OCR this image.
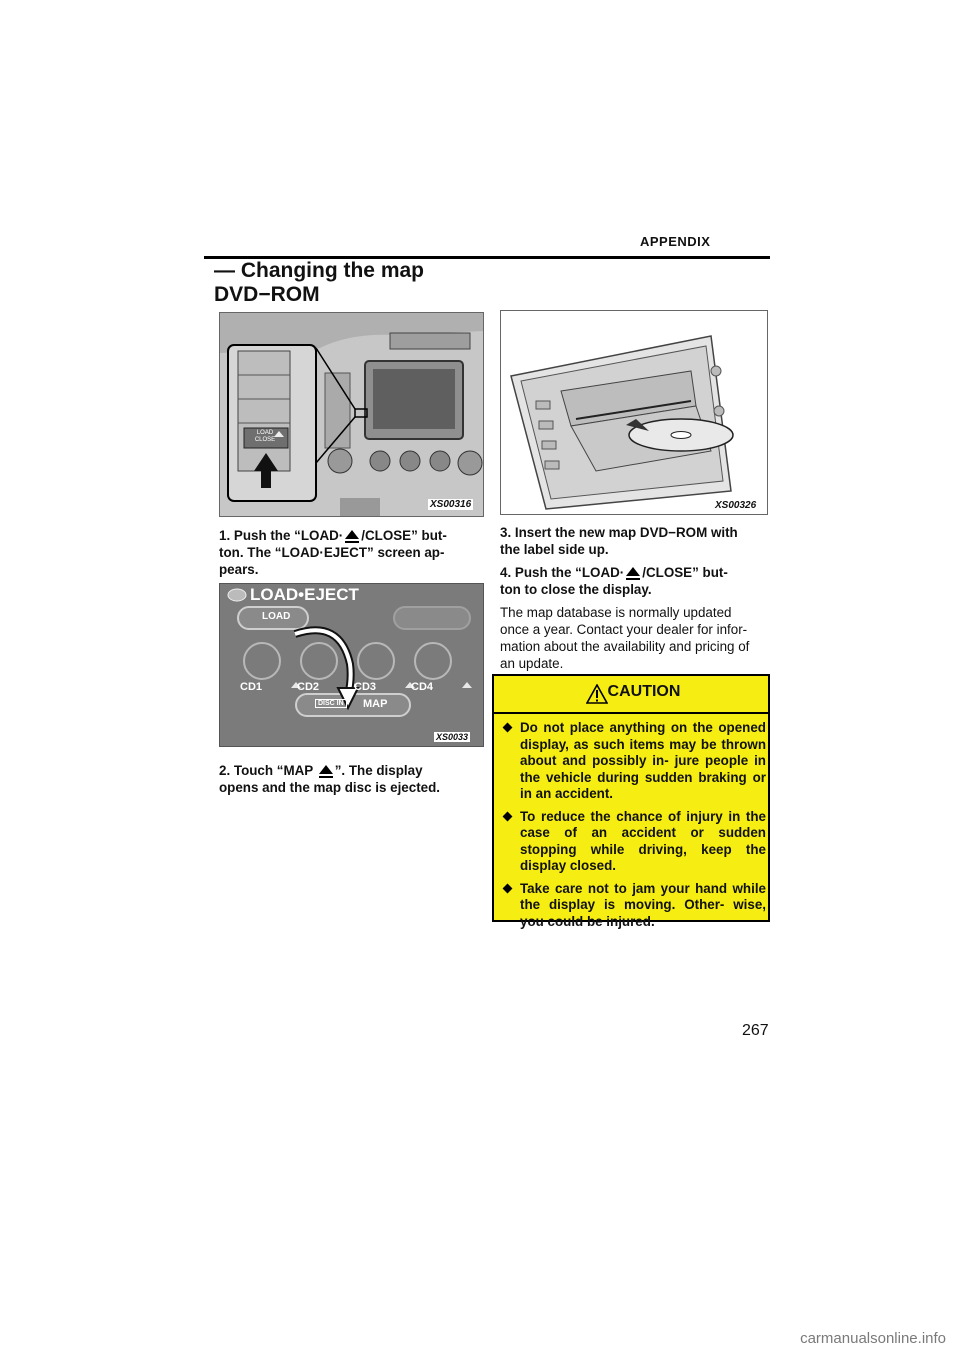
APPENDIX
— Changing the map
DVD−ROM
LOAD
CLOSE
XS00316
1. Push the “LOAD· /CLOSE” but-
ton. The “LOAD·EJECT” screen ap-
pears.
LOAD•EJECT
LOAD
CD1	CD2	CD3	CD4
DISC IN MAP
XS0033
2. Touch “MAP ”. The display
opens and the map disc is ejected.
XS00326
3. Insert the new map DVD−ROM with
the label side up.
4. Push the “LOAD· /CLOSE” but-
ton to close the display.
The map database is normally updated
once a year. Contact your dealer for infor-
mation about the availability and pricing of
an update.
CAUTION
Do not place anything on the opened display, as such items may be thrown about and possibly in- jure people in the vehicle during sudden braking or in an accident.
To reduce the chance of injury in the case of an accident or sudden stopping while driving, keep the display closed.
Take care not to jam your hand while the display is moving. Other- wise, you could be injured.
267
carmanualsonline.info
